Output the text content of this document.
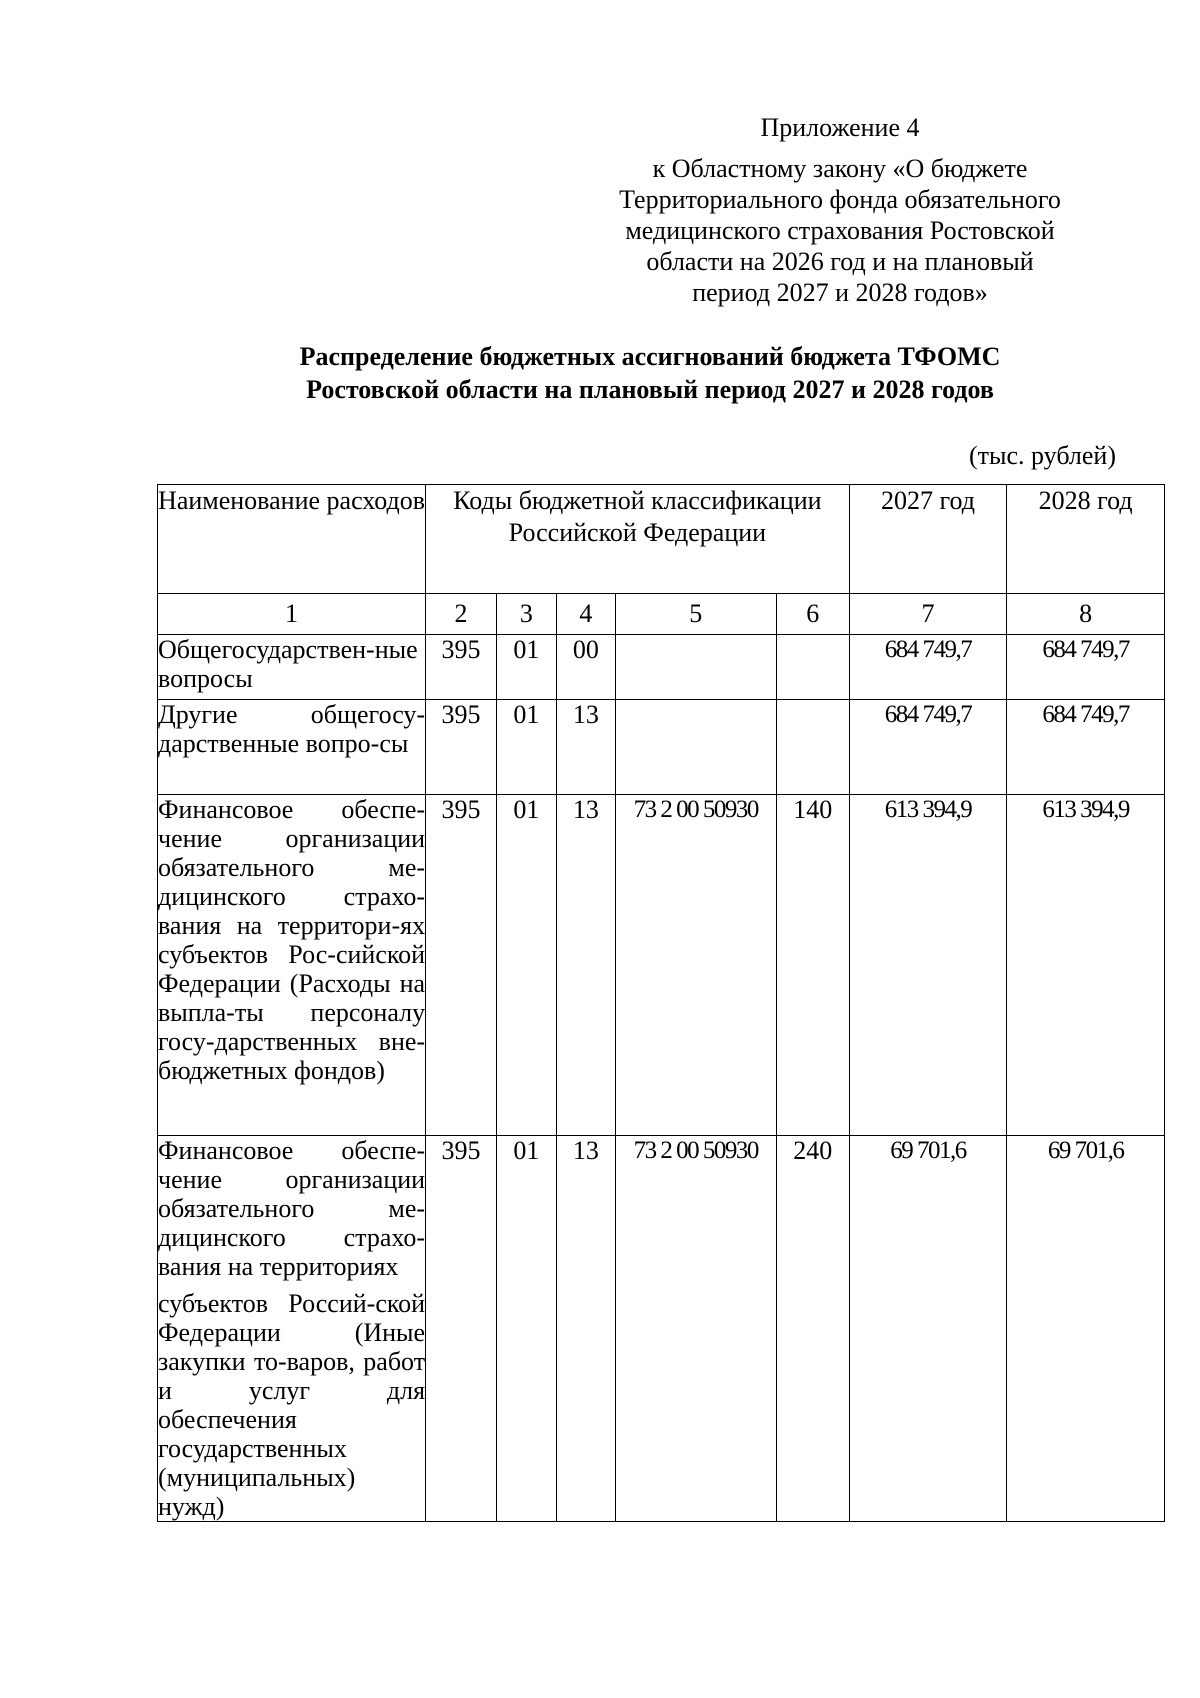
Приложение 4
к Областному закону «О бюджете
Территориального фонда обязательного
медицинского страхования Ростовской
области на 2026 год и на плановый
период 2027 и 2028 годов»
Распределение бюджетных ассигнований бюджета ТФОМС
Ростовской области на плановый период 2027 и 2028 годов
(тыс. рублей)
Наименование расходов	Коды бюджетной классификации Российской Федерации					2027 год	2028 год
1	2	3	4	5	6	7	8
Общегосударствен-ные вопросы	395	01	00			684 749,7	684 749,7
Другие общегосу-дарственные вопро-сы	395	01	13			684 749,7	684 749,7
Финансовое обеспе-чение организации обязательного ме-дицинского страхо-вания на территори-ях субъектов Рос-сийской Федерации (Расходы на выпла-ты персоналу госу-дарственных вне-бюджетных фондов)	395	01	13	73 2 00 50930	140	613 394,9	613 394,9

Финансовое обеспе-чение организации обязательного ме-дицинского страхо-вания на территориях
субъектов Россий-ской Федерации (Иные закупки то-варов, работ и услуг для обеспечения государственных (муниципальных) нужд)	395	01	13	73 2 00 50930	240	69 701,6	69 701,6
